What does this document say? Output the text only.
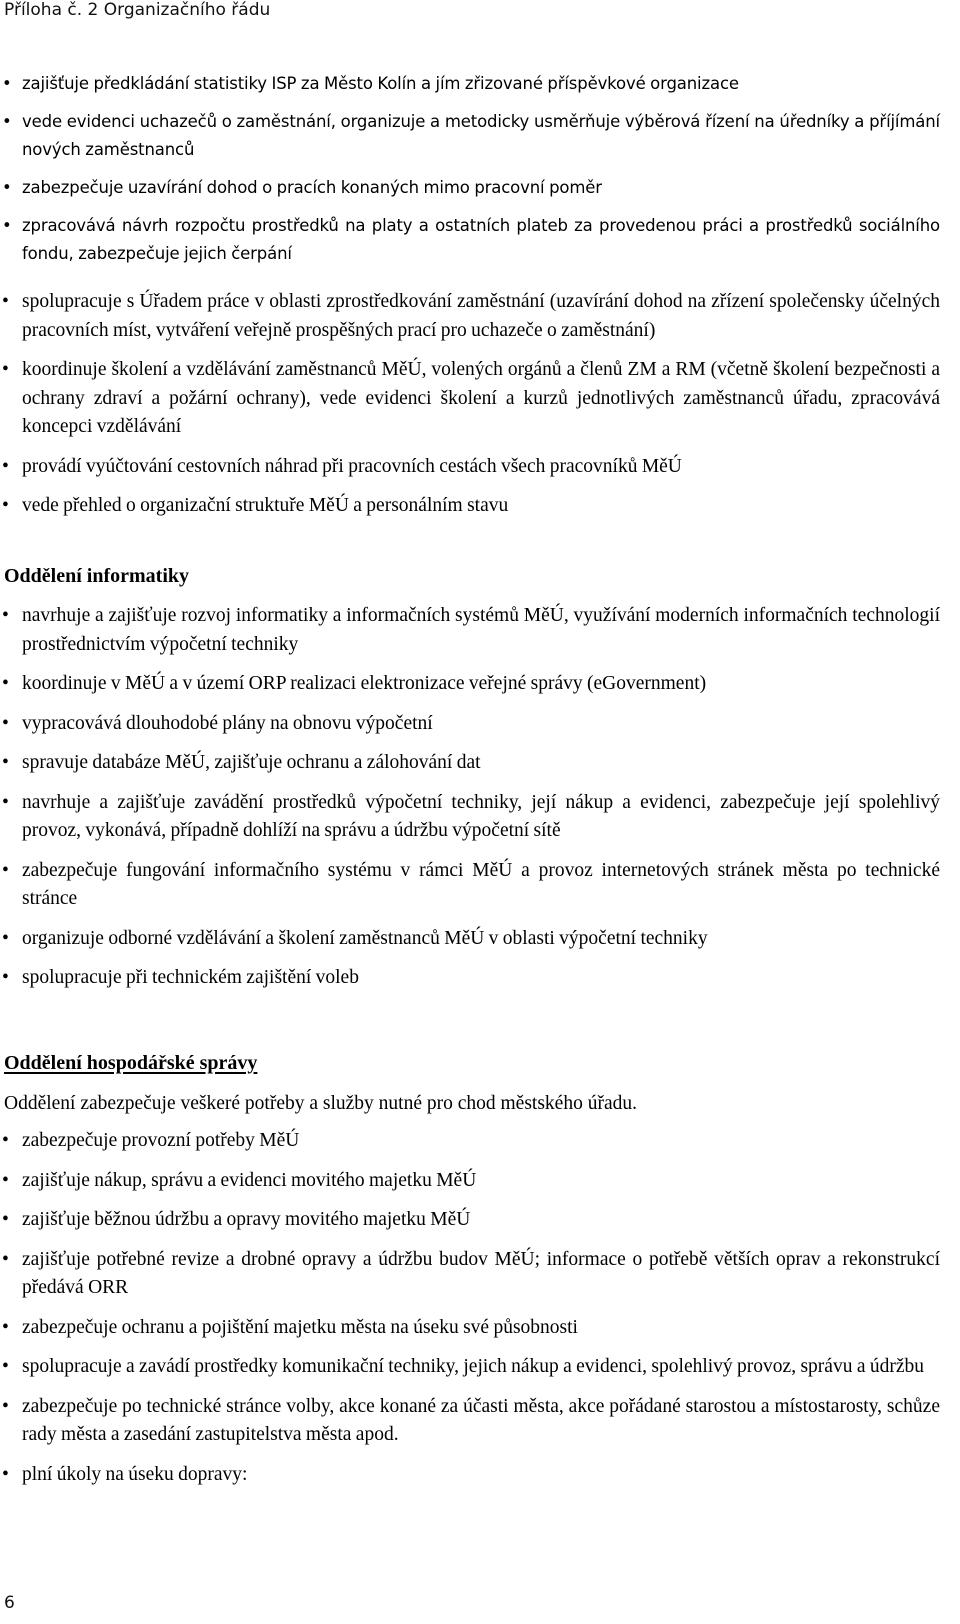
Příloha č. 2 Organizačního řádu
• zajišťuje předkládání statistiky ISP za Město Kolín a jím zřizované příspěvkové organizace
• vede evidenci uchazečů o zaměstnání, organizuje a metodicky usměrňuje výběrová řízení na úředníky a příjímání nových zaměstnanců
• zabezpečuje uzavírání dohod o pracích konaných mimo pracovní poměr
• zpracovává návrh rozpočtu prostředků na platy a ostatních plateb za provedenou práci a prostředků sociálního fondu, zabezpečuje jejich čerpání
• spolupracuje s Úřadem práce v oblasti zprostředkování zaměstnání (uzavírání dohod na zřízení společensky účelných pracovních míst, vytváření veřejně prospěšných prací pro uchazeče o zaměstnání)
• koordinuje školení a vzdělávání zaměstnanců MěÚ, volených orgánů a členů ZM a RM (včetně školení bezpečnosti a ochrany zdraví a požární ochrany), vede evidenci školení a kurzů jednotlivých zaměstnanců úřadu, zpracovává koncepci vzdělávání
• provádí vyúčtování cestovních náhrad při pracovních cestách všech pracovníků MěÚ
• vede přehled o organizační struktuře MěÚ a personálním stavu
Oddělení informatiky
• navrhuje a zajišťuje rozvoj informatiky a informačních systémů MěÚ, využívání moderních informačních technologií prostřednictvím výpočetní techniky
• koordinuje v MěÚ a v území ORP realizaci elektronizace veřejné správy (eGovernment)
• vypracovává dlouhodobé plány na obnovu výpočetní
• spravuje databáze MěÚ, zajišťuje ochranu a zálohování dat
• navrhuje a zajišťuje zavádění prostředků výpočetní techniky, její nákup a evidenci, zabezpečuje její spolehlivý provoz, vykonává, případně dohlíží na správu a údržbu výpočetní sítě
• zabezpečuje fungování informačního systému v rámci MěÚ a provoz internetových stránek města po technické stránce
• organizuje odborné vzdělávání a školení zaměstnanců MěÚ v oblasti výpočetní techniky
• spolupracuje při technickém zajištění voleb
Oddělení hospodářské správy
Oddělení zabezpečuje veškeré potřeby a služby nutné pro chod městského úřadu.
• zabezpečuje provozní potřeby MěÚ
• zajišťuje nákup, správu a evidenci movitého majetku MěÚ
• zajišťuje běžnou údržbu a opravy movitého majetku MěÚ
• zajišťuje potřebné revize a drobné opravy a údržbu budov MěÚ; informace o potřebě větších oprav a rekonstrukcí předává ORR
• zabezpečuje ochranu a pojištění majetku města na úseku své působnosti
• spolupracuje a zavádí prostředky komunikační techniky, jejich nákup a evidenci, spolehlivý provoz, správu a údržbu
• zabezpečuje po technické stránce volby, akce konané za účasti města, akce pořádané starostou a místostarosty, schůze rady města a zasedání zastupitelstva města apod.
• plní úkoly na úseku dopravy:
6
